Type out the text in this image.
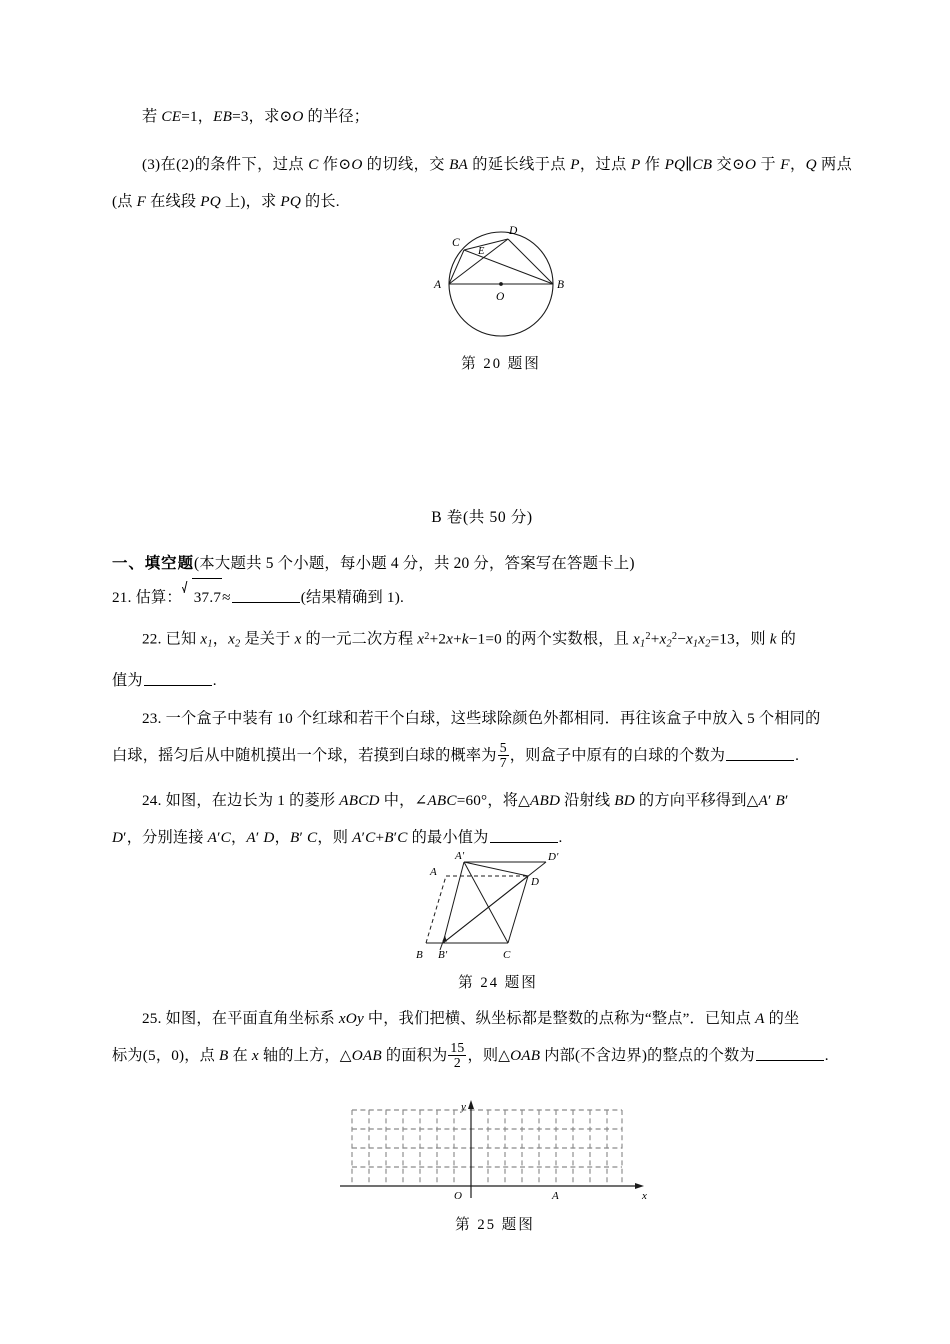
若 CE=1，EB=3，求⊙O 的半径；

(3)在(2)的条件下，过点 C 作⊙O 的切线，交 BA 的延长线于点 P，过点 P 作 PQ∥CB 交⊙O 于 F，Q 两点(点 F 在线段 PQ 上)，求 PQ 的长.

A	B
C
D
E
O
第 20 题图
B 卷(共 50 分)
一、填空题(本大题共 5 个小题，每小题 4 分，共 20 分，答案写在答题卡上)
21. 估算： 37.7≈	(结果精确到 1).

22. 已知 $x_1$，$x_2$ 是关于 x 的一元二次方程 $x^2+2x+k-1=0$ 的两个实数根，且 $x_1^2+x_2^2-x_1x_2=13$，则 k 的

值为	.

23. 一个盒子中装有 10 个红球和若干个白球，这些球除颜色外都相同．再往该盒子中放入 5 个相同的

白球，摇匀后从中随机摸出一个球，若摸到白球的概率为 $\frac{5}{7}$ ，则盒子中原有的白球的个数为	.

24. 如图，在边长为 1 的菱形 ABCD 中，∠ABC=60°，将△ABD 沿射线 BD 的方向平移得到△A′ B′

D′，分别连接 A′C，A′ D，B′ C，则 A′C+B′C 的最小值为	.

B B′	C
A
A′
D
D′
第 24 题图

25. 如图，在平面直角坐标系 xOy 中，我们把横、纵坐标都是整数的点称为“整点”．已知点 A 的坐

标为(5，0)，点 B 在 x 轴的上方，△OAB 的面积为 $\frac{15}{2}$ ，则△OAB 内部(不含边界)的整点的个数为	.

O	A	x
y
第 25 题图
